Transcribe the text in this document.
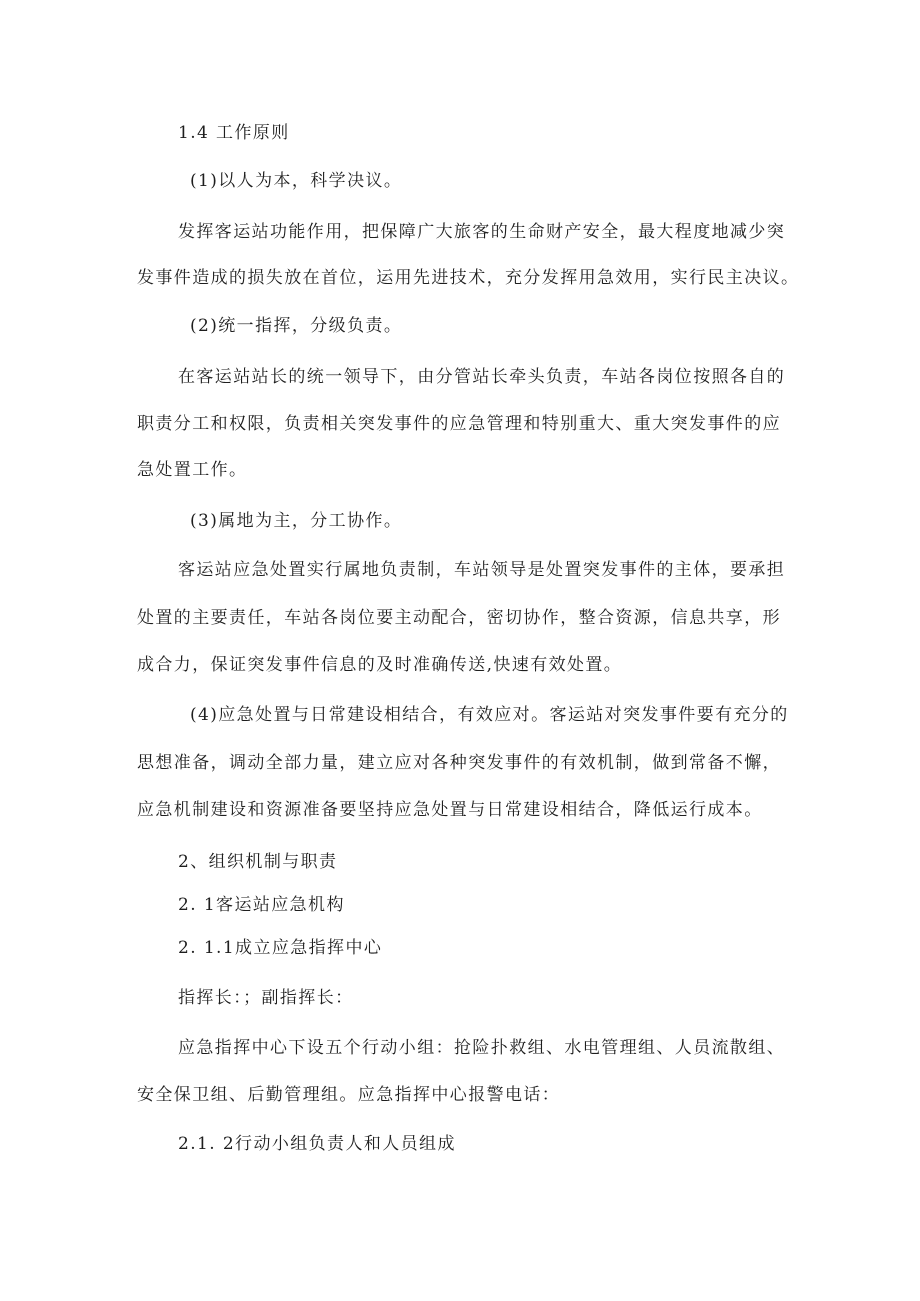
1.4 工作原则

(1)以人为本，科学决议。

发挥客运站功能作用，把保障广大旅客的生命财产安全，最大程度地减少突

发事件造成的损失放在首位，运用先进技术，充分发挥用急效用，实行民主决议。

(2)统一指挥，分级负责。

在客运站站长的统一领导下，由分管站长牵头负责，车站各岗位按照各自的

职责分工和权限，负责相关突发事件的应急管理和特别重大、重大突发事件的应

急处置工作。

(3)属地为主，分工协作。

客运站应急处置实行属地负责制，车站领导是处置突发事件的主体，要承担

处置的主要责任，车站各岗位要主动配合，密切协作，整合资源，信息共享，形

成合力，保证突发事件信息的及时准确传送,快速有效处置。

(4)应急处置与日常建设相结合，有效应对。客运站对突发事件要有充分的

思想准备，调动全部力量，建立应对各种突发事件的有效机制，做到常备不懈，

应急机制建设和资源准备要坚持应急处置与日常建设相结合，降低运行成本。

2、组织机制与职责

2. 1客运站应急机构

2. 1.1成立应急指挥中心

指挥长：；副指挥长：

应急指挥中心下设五个行动小组：抢险扑救组、水电管理组、人员流散组、

安全保卫组、后勤管理组。应急指挥中心报警电话：

2.1. 2行动小组负责人和人员组成
